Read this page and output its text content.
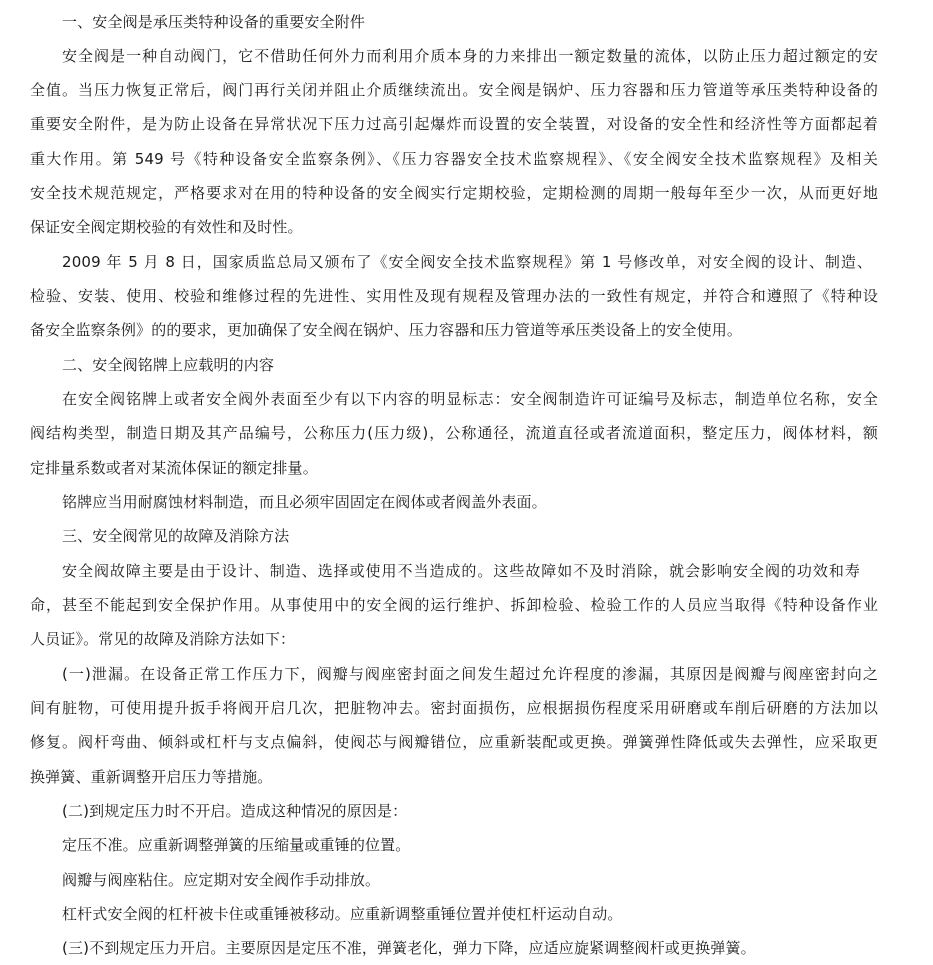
一、安全阀是承压类特种设备的重要安全附件
安全阀是一种自动阀门，它不借助任何外力而利用介质本身的力来排出一额定数量的流体，以防止压力超过额定的安
全值。当压力恢复正常后，阀门再行关闭并阻止介质继续流出。安全阀是锅炉、压力容器和压力管道等承压类特种设备的
重要安全附件，是为防止设备在异常状况下压力过高引起爆炸而设置的安全装置，对设备的安全性和经济性等方面都起着
重大作用。第 549 号《特种设备安全监察条例》、《压力容器安全技术监察规程》、《安全阀安全技术监察规程》及相关
安全技术规范规定，严格要求对在用的特种设备的安全阀实行定期校验，定期检测的周期一般每年至少一次，从而更好地
保证安全阀定期校验的有效性和及时性。
2009 年 5 月 8 日，国家质监总局又颁布了《安全阀安全技术监察规程》第 1 号修改单，对安全阀的设计、制造、
检验、安装、使用、校验和维修过程的先进性、实用性及现有规程及管理办法的一致性有规定，并符合和遵照了《特种设
备安全监察条例》的的要求，更加确保了安全阀在锅炉、压力容器和压力管道等承压类设备上的安全使用。
二、安全阀铭牌上应载明的内容
在安全阀铭牌上或者安全阀外表面至少有以下内容的明显标志：安全阀制造许可证编号及标志，制造单位名称，安全
阀结构类型，制造日期及其产品编号，公称压力(压力级)，公称通径，流道直径或者流道面积，整定压力，阀体材料，额
定排量系数或者对某流体保证的额定排量。
铭牌应当用耐腐蚀材料制造，而且必须牢固固定在阀体或者阀盖外表面。
三、安全阀常见的故障及消除方法
安全阀故障主要是由于设计、制造、选择或使用不当造成的。这些故障如不及时消除，就会影响安全阀的功效和寿
命，甚至不能起到安全保护作用。从事使用中的安全阀的运行维护、拆卸检验、检验工作的人员应当取得《特种设备作业
人员证》。常见的故障及消除方法如下：
(一)泄漏。在设备正常工作压力下，阀瓣与阀座密封面之间发生超过允许程度的渗漏，其原因是阀瓣与阀座密封向之
间有脏物，可使用提升扳手将阀开启几次，把脏物冲去。密封面损伤，应根据损伤程度采用研磨或车削后研磨的方法加以
修复。阀杆弯曲、倾斜或杠杆与支点偏斜，使阀芯与阀瓣错位，应重新装配或更换。弹簧弹性降低或失去弹性，应采取更
换弹簧、重新调整开启压力等措施。
(二)到规定压力时不开启。造成这种情况的原因是：
定压不准。应重新调整弹簧的压缩量或重锤的位置。
阀瓣与阀座粘住。应定期对安全阀作手动排放。
杠杆式安全阀的杠杆被卡住或重锤被移动。应重新调整重锤位置并使杠杆运动自动。
(三)不到规定压力开启。主要原因是定压不准，弹簧老化，弹力下降，应适应旋紧调整阀杆或更换弹簧。
